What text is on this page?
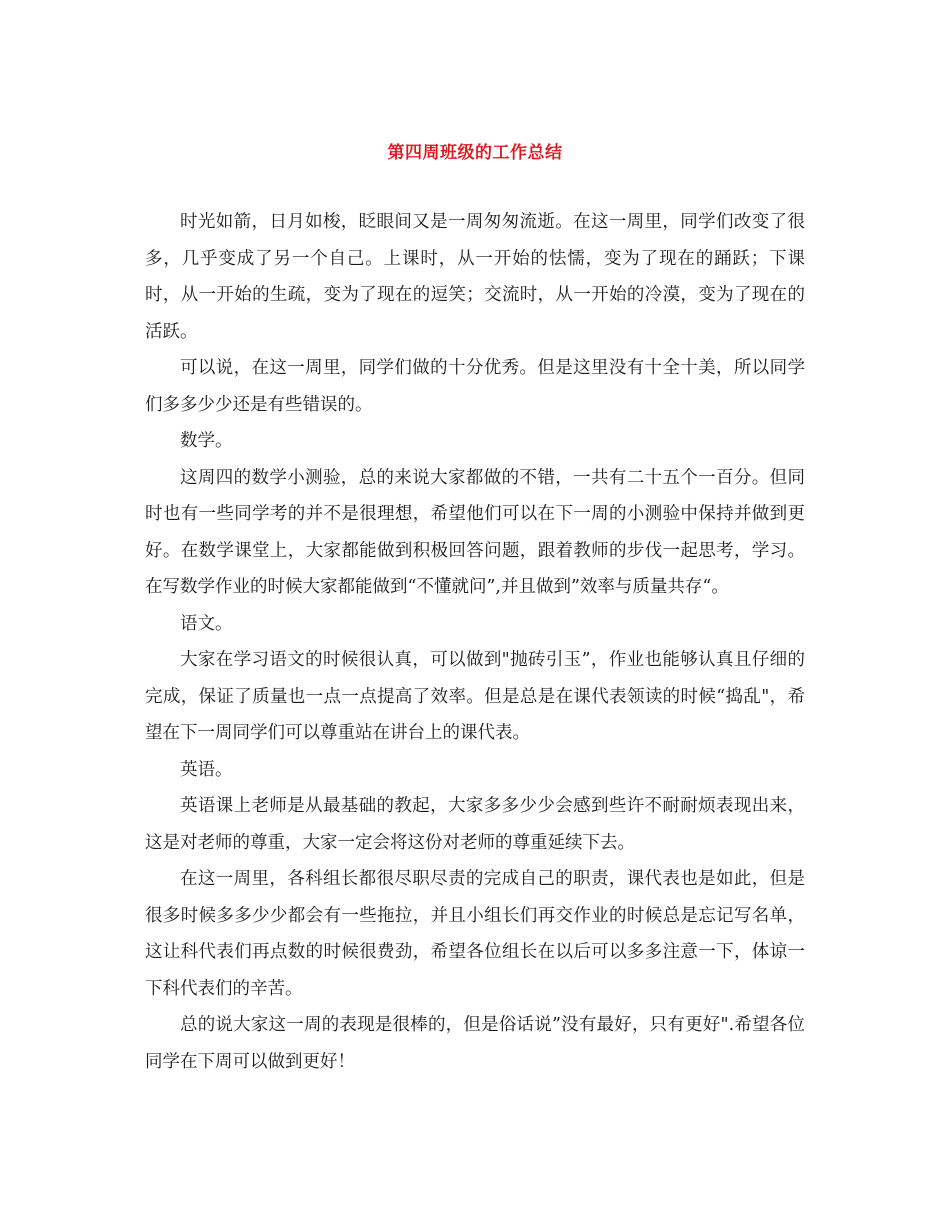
第四周班级的工作总结

时光如箭，日月如梭，眨眼间又是一周匆匆流逝。在这一周里，同学们改变了很多，几乎变成了另一个自己。上课时，从一开始的怯懦，变为了现在的踊跃；下课时，从一开始的生疏，变为了现在的逗笑；交流时，从一开始的冷漠，变为了现在的活跃。

可以说，在这一周里，同学们做的十分优秀。但是这里没有十全十美，所以同学们多多少少还是有些错误的。

数学。

这周四的数学小测验，总的来说大家都做的不错，一共有二十五个一百分。但同时也有一些同学考的并不是很理想，希望他们可以在下一周的小测验中保持并做到更好。在数学课堂上，大家都能做到积极回答问题，跟着教师的步伐一起思考，学习。在写数学作业的时候大家都能做到“不懂就问”,并且做到”效率与质量共存“。

语文。

大家在学习语文的时候很认真，可以做到"抛砖引玉”，作业也能够认真且仔细的完成，保证了质量也一点一点提高了效率。但是总是在课代表领读的时候“捣乱"，希望在下一周同学们可以尊重站在讲台上的课代表。

英语。

英语课上老师是从最基础的教起，大家多多少少会感到些许不耐耐烦表现出来，这是对老师的尊重，大家一定会将这份对老师的尊重延续下去。

在这一周里，各科组长都很尽职尽责的完成自己的职责，课代表也是如此，但是很多时候多多少少都会有一些拖拉，并且小组长们再交作业的时候总是忘记写名单，这让科代表们再点数的时候很费劲，希望各位组长在以后可以多多注意一下，体谅一下科代表们的辛苦。

总的说大家这一周的表现是很棒的，但是俗话说”没有最好，只有更好".希望各位同学在下周可以做到更好！
